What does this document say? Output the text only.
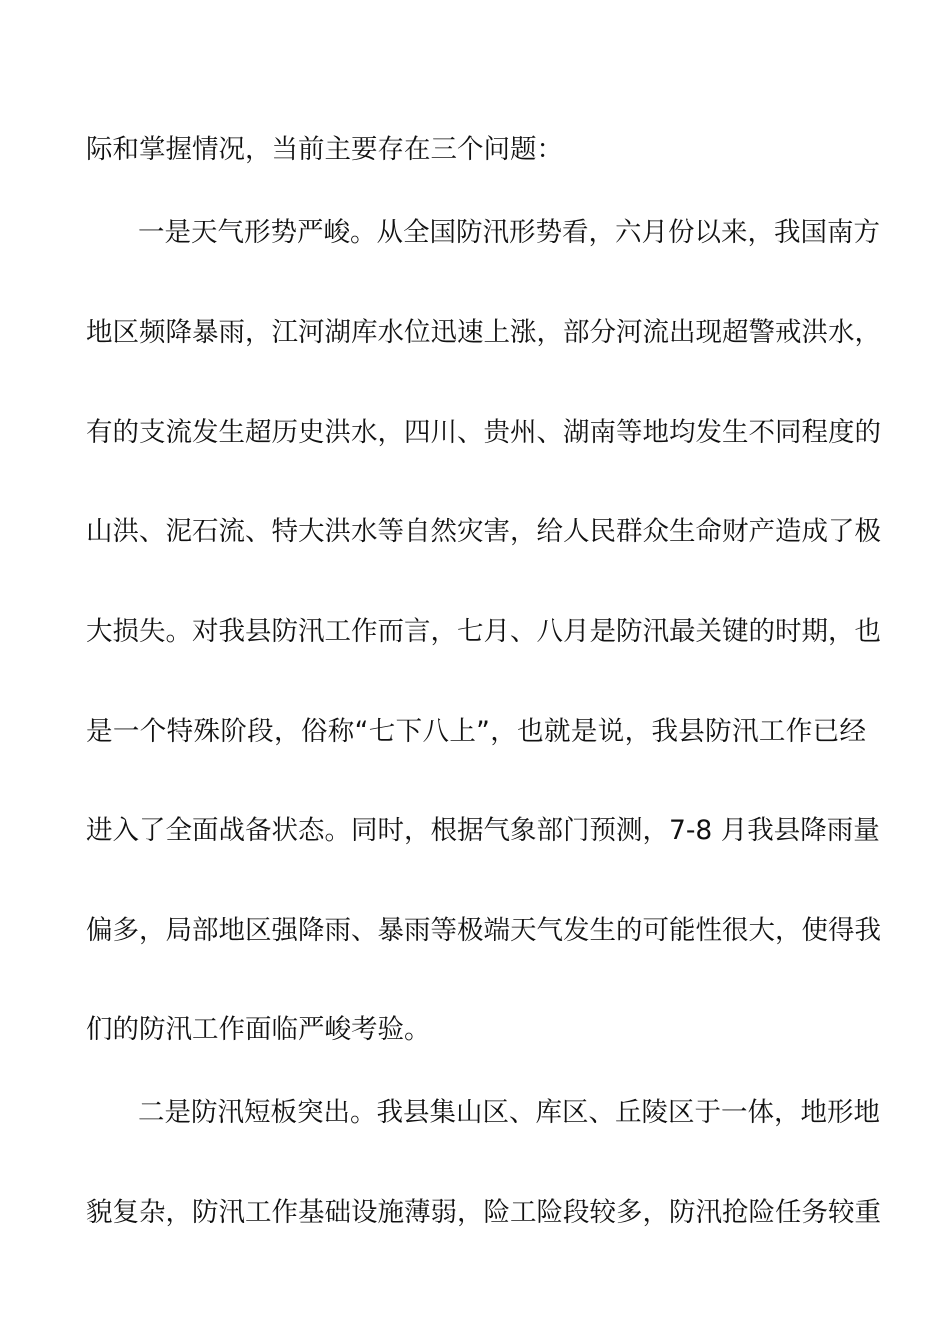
际和掌握情况，当前主要存在三个问题：
一是天气形势严峻。从全国防汛形势看，六月份以来，我国南方
地区频降暴雨，江河湖库水位迅速上涨，部分河流出现超警戒洪水，
有的支流发生超历史洪水，四川、贵州、湖南等地均发生不同程度的
山洪、泥石流、特大洪水等自然灾害，给人民群众生命财产造成了极
大损失。对我县防汛工作而言，七月、八月是防汛最关键的时期，也
是一个特殊阶段，俗称“七下八上”，也就是说，我县防汛工作已经
进入了全面战备状态。同时，根据气象部门预测，7-8 月我县降雨量
偏多，局部地区强降雨、暴雨等极端天气发生的可能性很大，使得我
们的防汛工作面临严峻考验。
二是防汛短板突出。我县集山区、库区、丘陵区于一体，地形地
貌复杂，防汛工作基础设施薄弱，险工险段较多，防汛抢险任务较重
